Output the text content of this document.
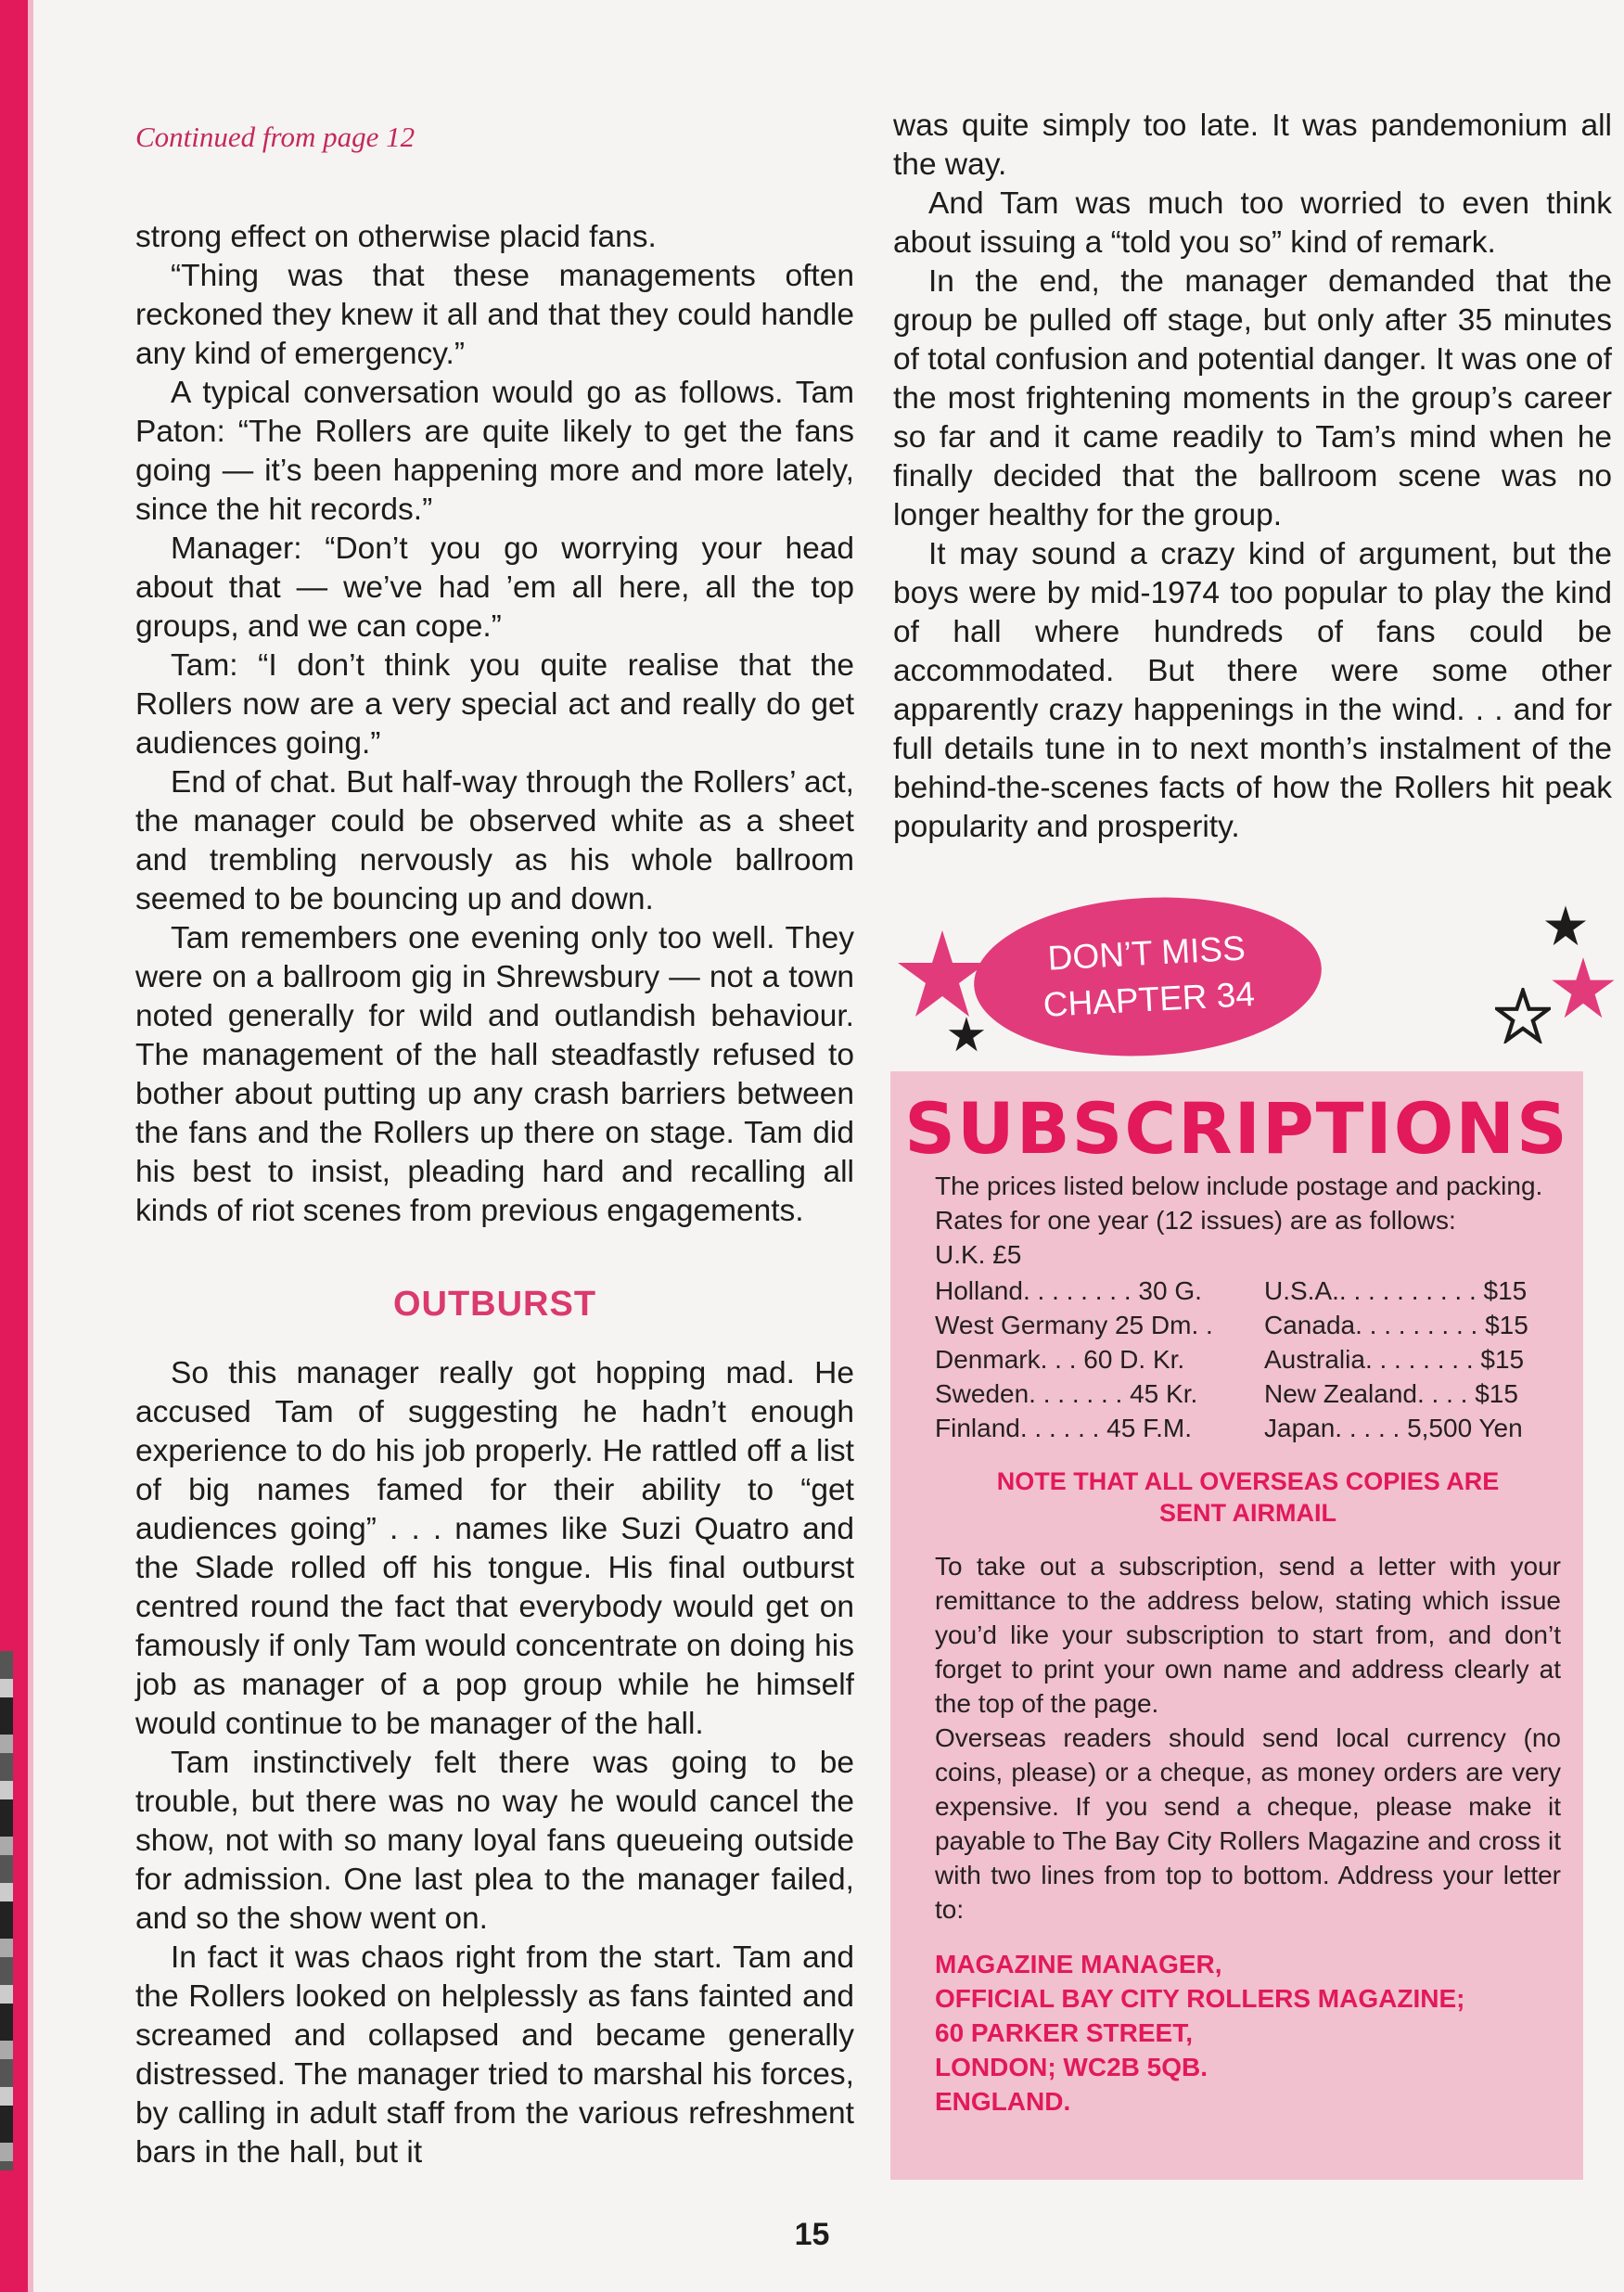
Continued from page 12

strong effect on otherwise placid fans.

“Thing was that these managements often reckoned they knew it all and that they could handle any kind of emergency.”

A typical conversation would go as follows. Tam Paton: “The Rollers are quite likely to get the fans going — it’s been happening more and more lately, since the hit records.”

Manager: “Don’t you go worrying your head about that — we’ve had ’em all here, all the top groups, and we can cope.”

Tam: “I don’t think you quite realise that the Rollers now are a very special act and really do get audiences going.”

End of chat. But half-way through the Rollers’ act, the manager could be observed white as a sheet and trembling nervously as his whole ballroom seemed to be bouncing up and down.

Tam remembers one evening only too well. They were on a ballroom gig in Shrewsbury — not a town noted generally for wild and outlandish behaviour. The management of the hall steadfastly refused to bother about putting up any crash barriers between the fans and the Rollers up there on stage. Tam did his best to insist, pleading hard and recalling all kinds of riot scenes from previous engagements.

OUTBURST

So this manager really got hopping mad. He accused Tam of suggesting he hadn’t enough experience to do his job properly. He rattled off a list of big names famed for their ability to “get audiences going” . . . names like Suzi Quatro and the Slade rolled off his tongue. His final outburst centred round the fact that everybody would get on famously if only Tam would concentrate on doing his job as manager of a pop group while he himself would continue to be manager of the hall.

Tam instinctively felt there was going to be trouble, but there was no way he would cancel the show, not with so many loyal fans queueing outside for admission. One last plea to the manager failed, and so the show went on.

In fact it was chaos right from the start. Tam and the Rollers looked on helplessly as fans fainted and screamed and collapsed and became generally distressed. The manager tried to marshal his forces, by calling in adult staff from the various refreshment bars in the hall, but it

was quite simply too late. It was pandemonium all the way.

And Tam was much too worried to even think about issuing a “told you so” kind of remark.

In the end, the manager demanded that the group be pulled off stage, but only after 35 minutes of total confusion and potential danger. It was one of the most frightening moments in the group’s career so far and it came readily to Tam’s mind when he finally decided that the ballroom scene was no longer healthy for the group.

It may sound a crazy kind of argument, but the boys were by mid-1974 too popular to play the kind of hall where hundreds of fans could be accommodated. But there were some other apparently crazy happenings in the wind. . . and for full details tune in to next month’s instalment of the behind-the-scenes facts of how the Rollers hit peak popularity and prosperity.

DON’T MISS
CHAPTER 34
SUBSCRIPTIONS

The prices listed below include postage and packing.

Rates for one year (12 issues) are as follows:

U.K. £5

Holland. . . . . . . . 30 G.	U.S.A.. . . . . . . . . . $15
West Germany 25 Dm. .	Canada. . . . . . . . . $15
Denmark. . . 60 D. Kr.	Australia. . . . . . . . $15
Sweden. . . . . . . 45 Kr.	New Zealand. . . . $15
Finland. . . . . . 45 F.M.	Japan. . . . . 5,500 Yen
NOTE THAT ALL OVERSEAS COPIES ARE
SENT AIRMAIL

To take out a subscription, send a letter with your remittance to the address below, stating which issue you’d like your subscription to start from, and don’t forget to print your own name and address clearly at the top of the page.

Overseas readers should send local currency (no coins, please) or a cheque, as money orders are very expensive. If you send a cheque, please make it payable to The Bay City Rollers Magazine and cross it with two lines from top to bottom. Address your letter to:

MAGAZINE MANAGER,
OFFICIAL BAY CITY ROLLERS MAGAZINE;
60 PARKER STREET,
LONDON; WC2B 5QB.
ENGLAND.
15
